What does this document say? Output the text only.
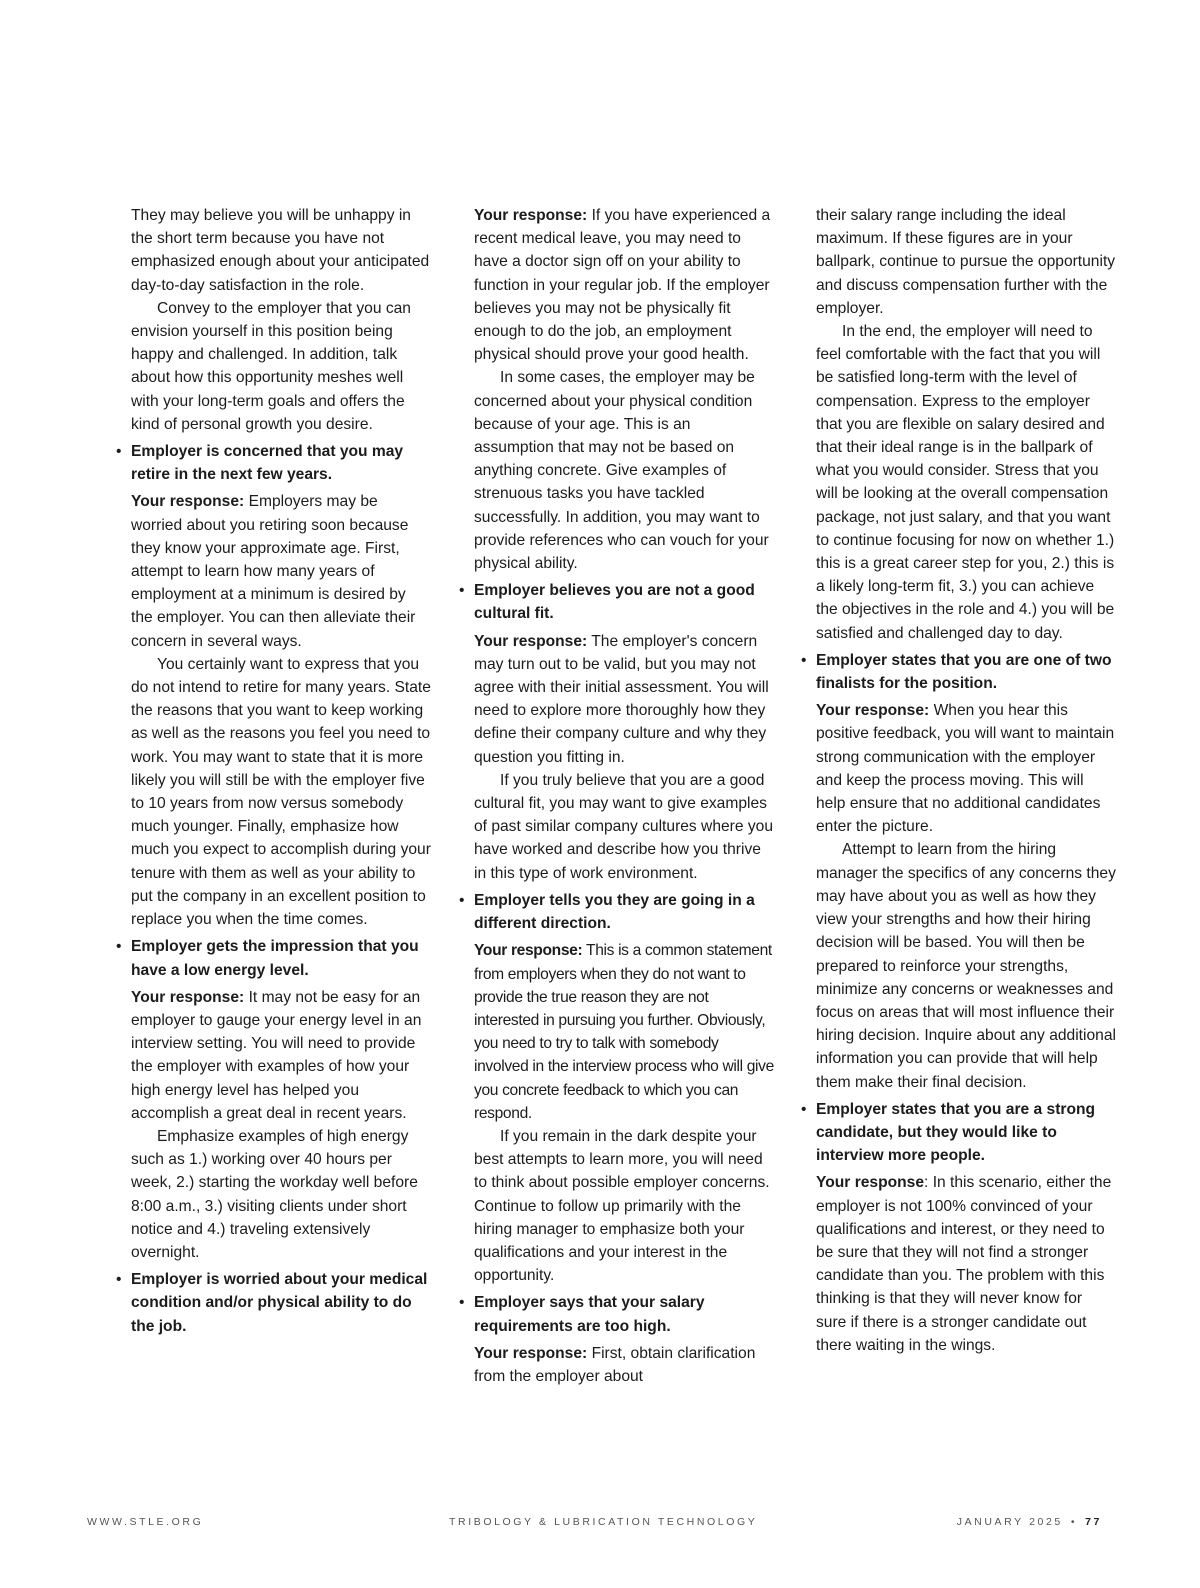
They may believe you will be unhappy in the short term because you have not emphasized enough about your anticipated day-to-day satisfaction in the role.

Convey to the employer that you can envision yourself in this position being happy and challenged. In addition, talk about how this opportunity meshes well with your long-term goals and offers the kind of personal growth you desire.

• Employer is concerned that you may retire in the next few years.

Your response: Employers may be worried about you retiring soon because they know your approximate age. First, attempt to learn how many years of employment at a minimum is desired by the employer. You can then alleviate their concern in several ways.

You certainly want to express that you do not intend to retire for many years. State the reasons that you want to keep working as well as the reasons you feel you need to work. You may want to state that it is more likely you will still be with the employer five to 10 years from now versus somebody much younger. Finally, emphasize how much you expect to accomplish during your tenure with them as well as your ability to put the company in an excellent position to replace you when the time comes.

• Employer gets the impression that you have a low energy level.

Your response: It may not be easy for an employer to gauge your energy level in an interview setting. You will need to provide the employer with examples of how your high energy level has helped you accomplish a great deal in recent years.

Emphasize examples of high energy such as 1.) working over 40 hours per week, 2.) starting the workday well before 8:00 a.m., 3.) visiting clients under short notice and 4.) traveling extensively overnight.

• Employer is worried about your medical condition and/or physical ability to do the job.

Your response: If you have experienced a recent medical leave, you may need to have a doctor sign off on your ability to function in your regular job. If the employer believes you may not be physically fit enough to do the job, an employment physical should prove your good health.

In some cases, the employer may be concerned about your physical condition because of your age. This is an assumption that may not be based on anything concrete. Give examples of strenuous tasks you have tackled successfully. In addition, you may want to provide references who can vouch for your physical ability.

• Employer believes you are not a good cultural fit.

Your response: The employer's concern may turn out to be valid, but you may not agree with their initial assessment. You will need to explore more thoroughly how they define their company culture and why they question you fitting in.

If you truly believe that you are a good cultural fit, you may want to give examples of past similar company cultures where you have worked and describe how you thrive in this type of work environment.

• Employer tells you they are going in a different direction.

Your response: This is a common statement from employers when they do not want to provide the true reason they are not interested in pursuing you further. Obviously, you need to try to talk with somebody involved in the interview process who will give you concrete feedback to which you can respond.

If you remain in the dark despite your best attempts to learn more, you will need to think about possible employer concerns. Continue to follow up primarily with the hiring manager to emphasize both your qualifications and your interest in the opportunity.

• Employer says that your salary requirements are too high.

Your response: First, obtain clarification from the employer about

their salary range including the ideal maximum. If these figures are in your ballpark, continue to pursue the opportunity and discuss compensation further with the employer.

In the end, the employer will need to feel comfortable with the fact that you will be satisfied long-term with the level of compensation. Express to the employer that you are flexible on salary desired and that their ideal range is in the ballpark of what you would consider. Stress that you will be looking at the overall compensation package, not just salary, and that you want to continue focusing for now on whether 1.) this is a great career step for you, 2.) this is a likely long-term fit, 3.) you can achieve the objectives in the role and 4.) you will be satisfied and challenged day to day.

• Employer states that you are one of two finalists for the position.

Your response: When you hear this positive feedback, you will want to maintain strong communication with the employer and keep the process moving. This will help ensure that no additional candidates enter the picture.

Attempt to learn from the hiring manager the specifics of any concerns they may have about you as well as how they view your strengths and how their hiring decision will be based. You will then be prepared to reinforce your strengths, minimize any concerns or weaknesses and focus on areas that will most influence their hiring decision. Inquire about any additional information you can provide that will help them make their final decision.

• Employer states that you are a strong candidate, but they would like to interview more people.

Your response: In this scenario, either the employer is not 100% convinced of your qualifications and interest, or they need to be sure that they will not find a stronger candidate than you. The problem with this thinking is that they will never know for sure if there is a stronger candidate out there waiting in the wings.

WWW.STLE.ORG	TRIBOLOGY & LUBRICATION TECHNOLOGY	JANUARY 2025 • 77
